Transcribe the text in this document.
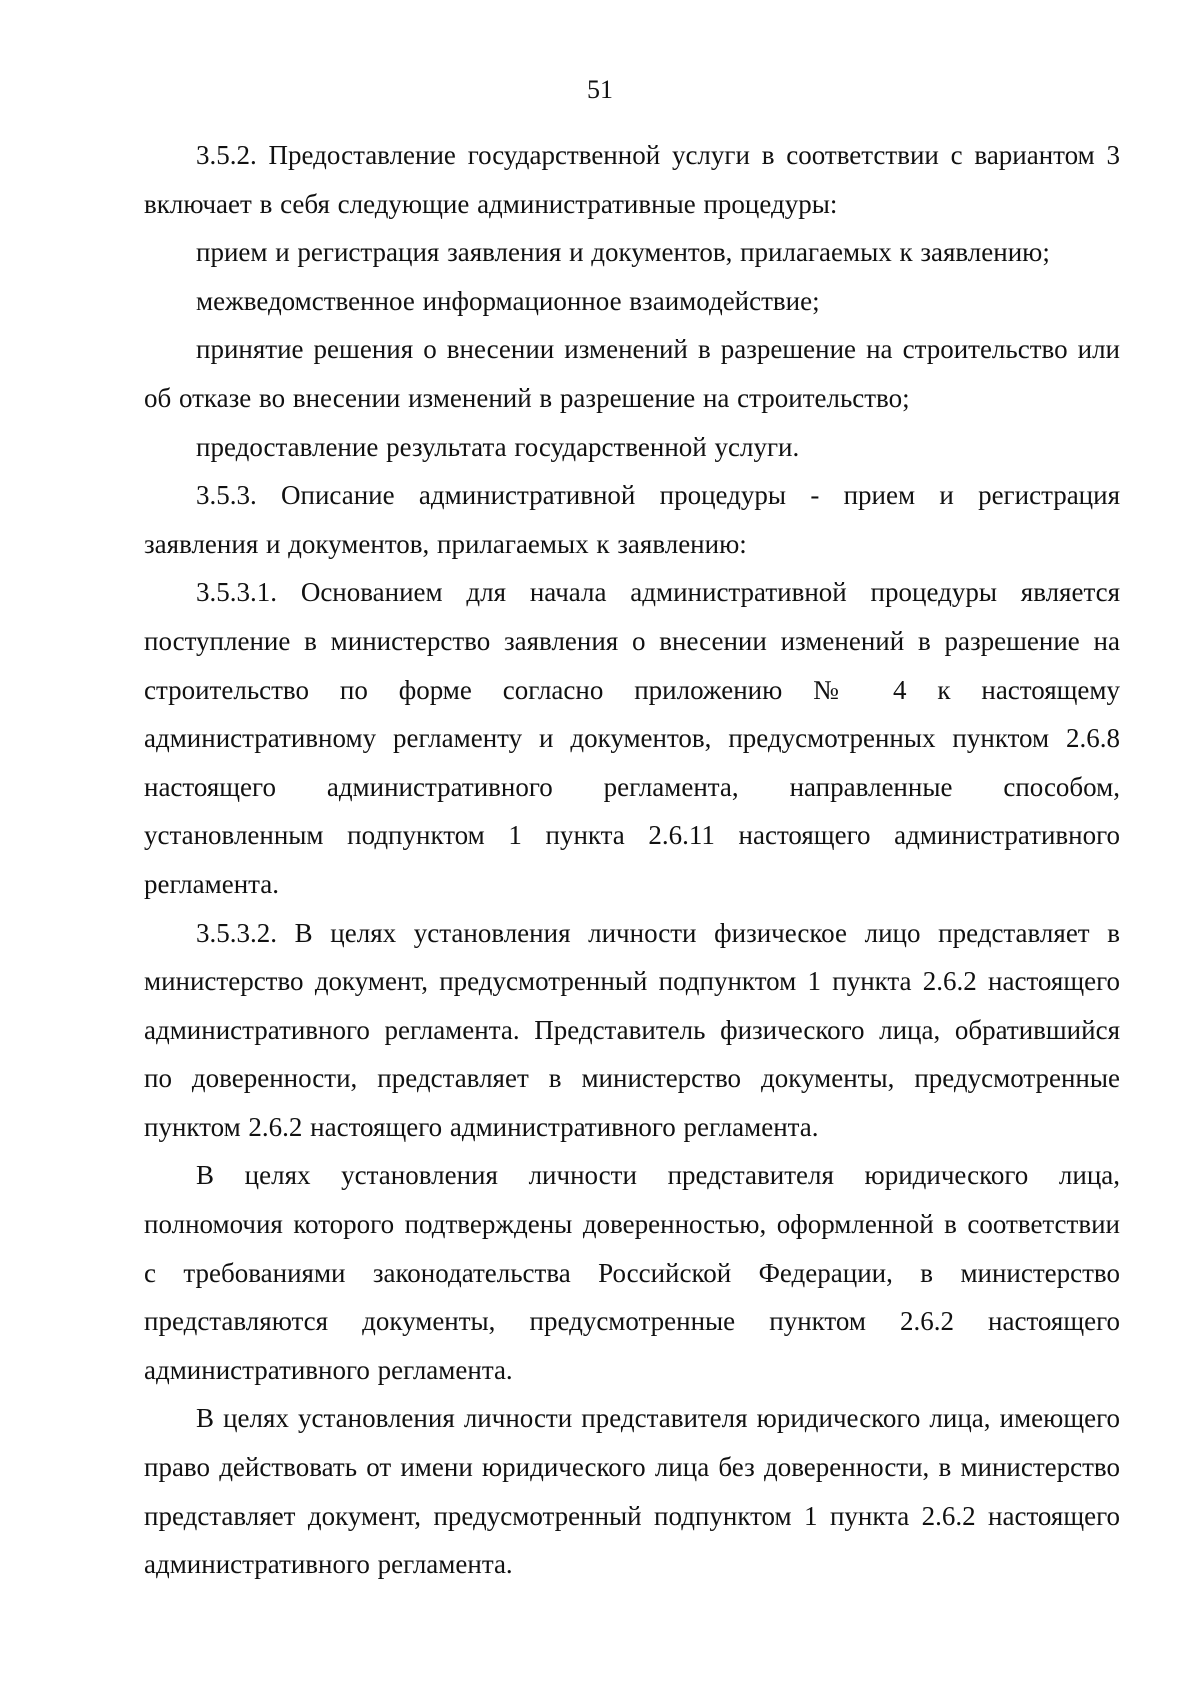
51

3.5.2. Предоставление государственной услуги в соответствии с вариантом 3 включает в себя следующие административные процедуры:

прием и регистрация заявления и документов, прилагаемых к заявлению;

межведомственное информационное взаимодействие;

принятие решения о внесении изменений в разрешение на строительство или об отказе во внесении изменений в разрешение на строительство;

предоставление результата государственной услуги.

3.5.3. Описание административной процедуры - прием и регистрация заявления и документов, прилагаемых к заявлению:

3.5.3.1. Основанием для начала административной процедуры является поступление в министерство заявления о внесении изменений в разрешение на строительство по форме согласно приложению № 4 к настоящему административному регламенту и документов, предусмотренных пунктом 2.6.8 настоящего административного регламента, направленные способом, установленным подпунктом 1 пункта 2.6.11 настоящего административного регламента.

3.5.3.2. В целях установления личности физическое лицо представляет в министерство документ, предусмотренный подпунктом 1 пункта 2.6.2 настоящего административного регламента. Представитель физического лица, обратившийся по доверенности, представляет в министерство документы, предусмотренные пунктом 2.6.2 настоящего административного регламента.

В целях установления личности представителя юридического лица, полномочия которого подтверждены доверенностью, оформленной в соответствии с требованиями законодательства Российской Федерации, в министерство представляются документы, предусмотренные пунктом 2.6.2 настоящего административного регламента.

В целях установления личности представителя юридического лица, имеющего право действовать от имени юридического лица без доверенности, в министерство представляет документ, предусмотренный подпунктом 1 пункта 2.6.2 настоящего административного регламента.
